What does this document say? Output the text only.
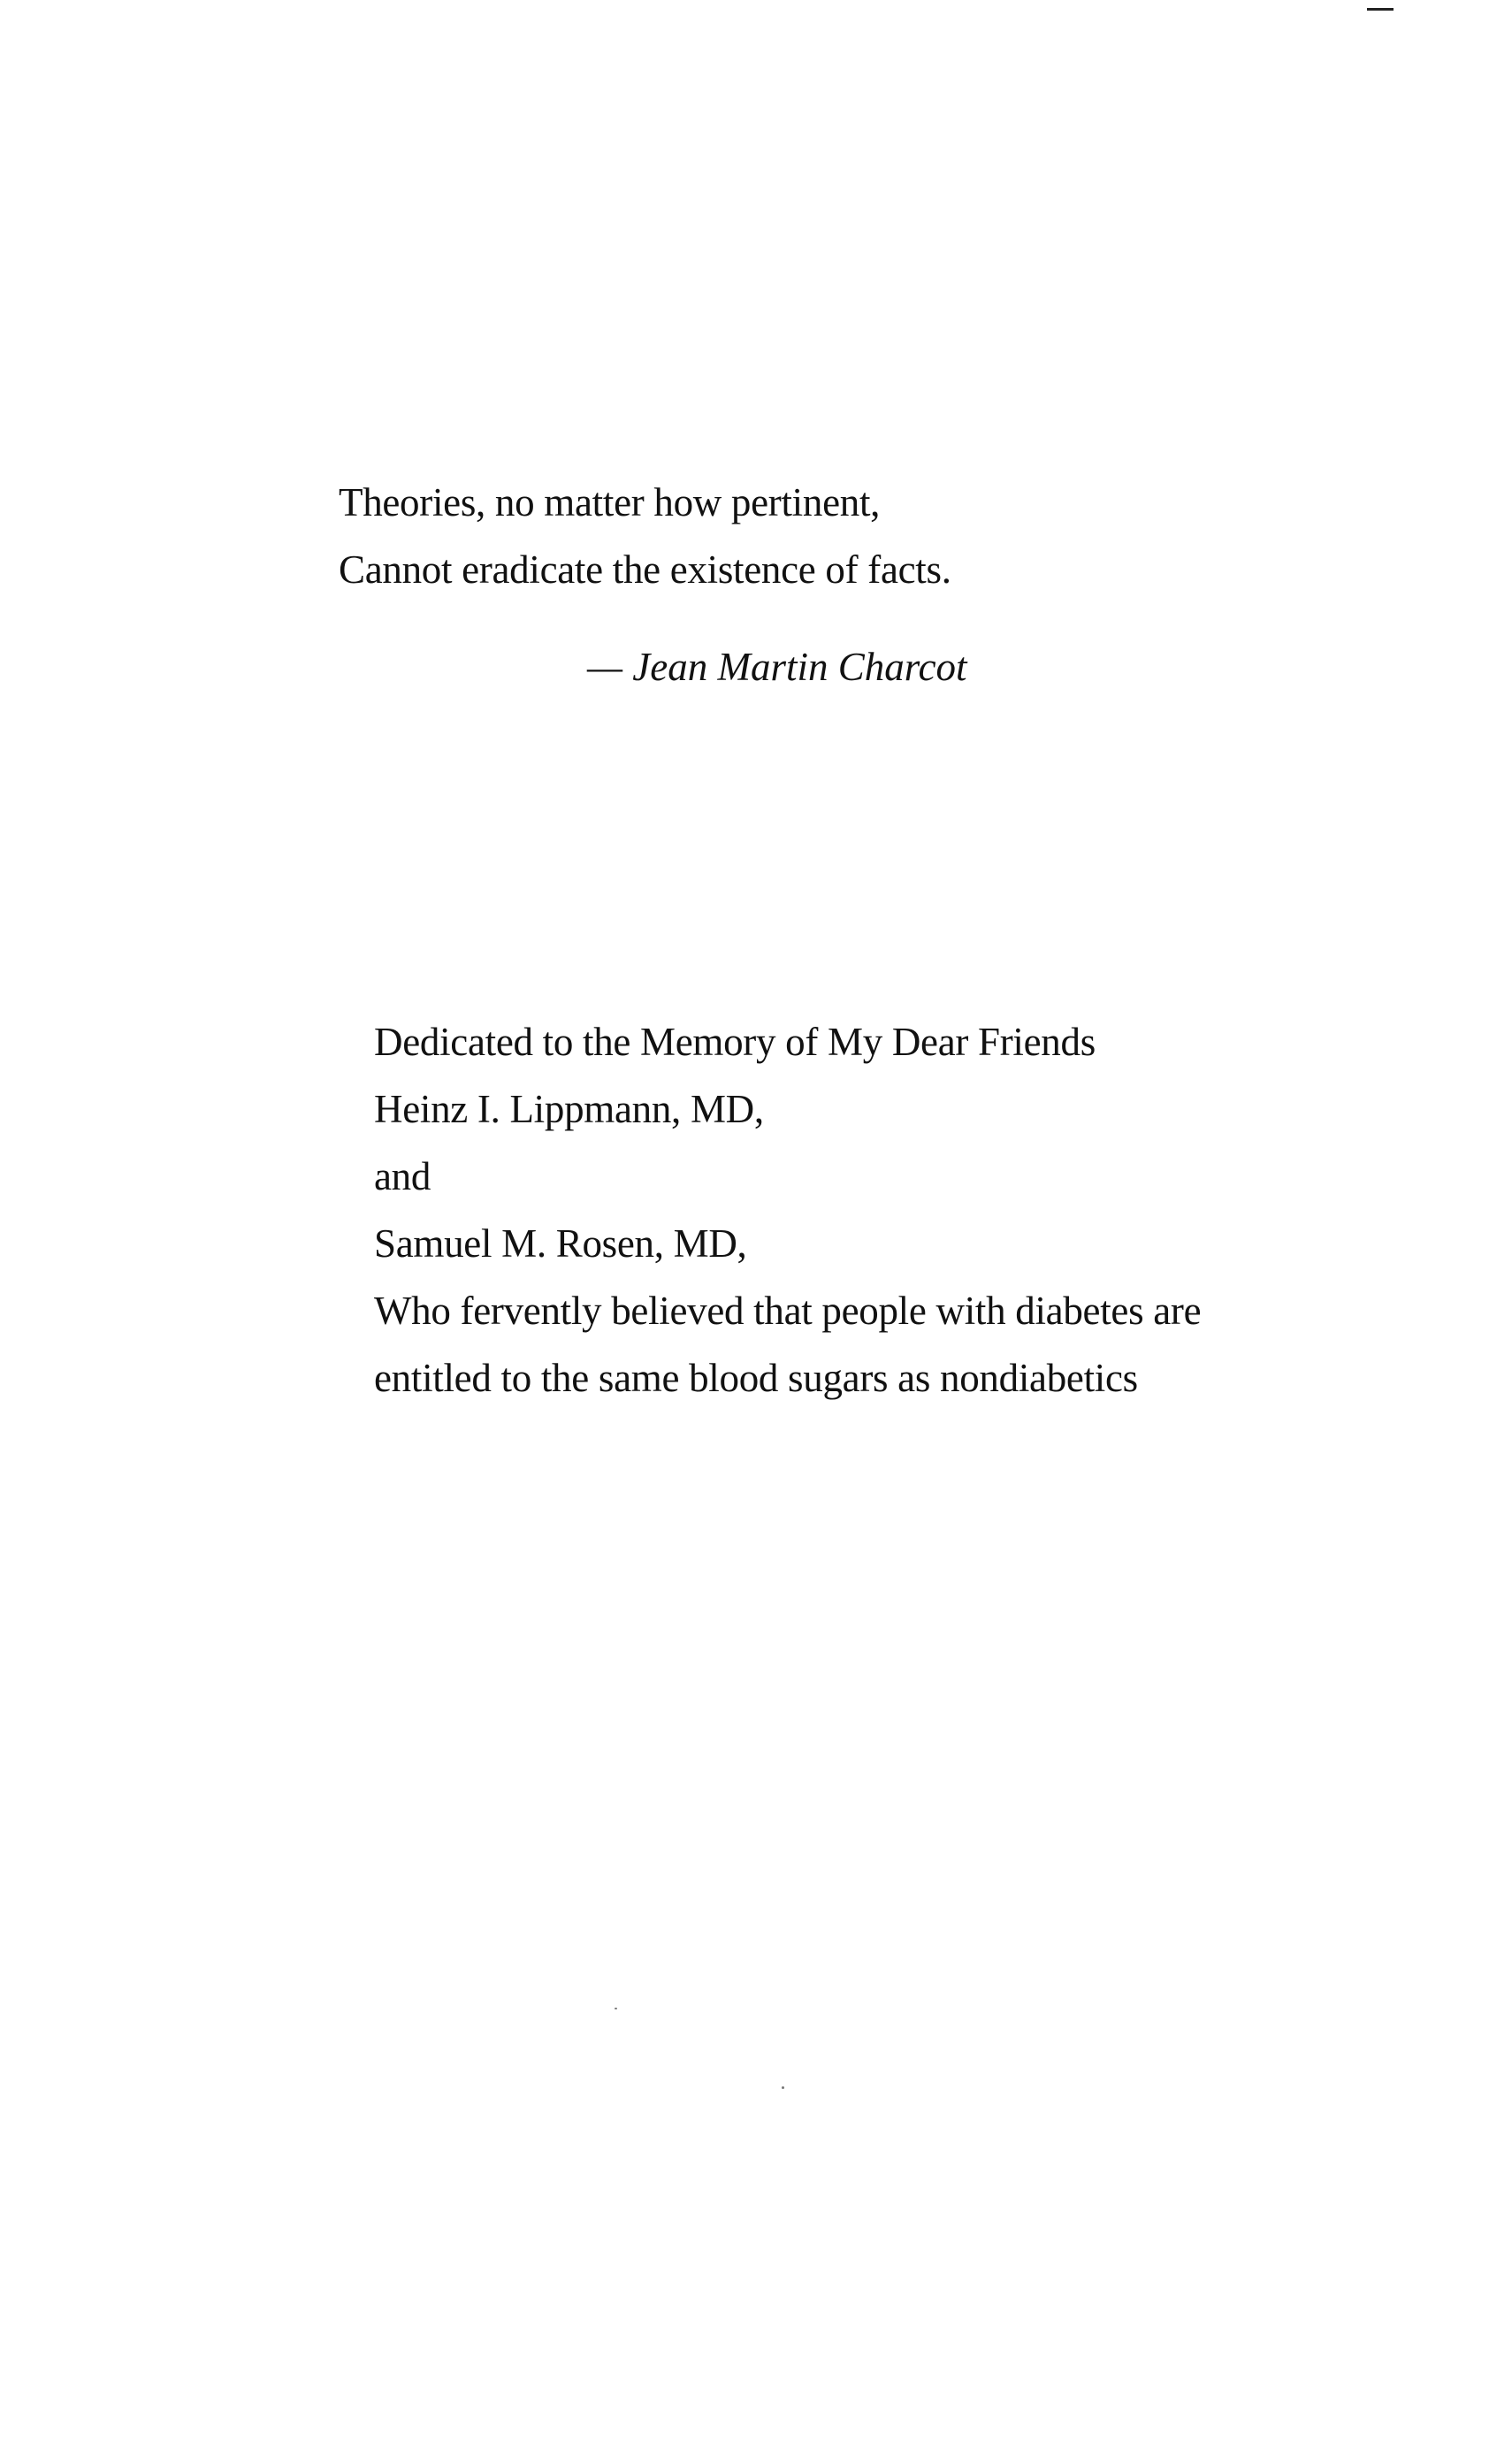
Theories, no matter how pertinent,
Cannot eradicate the existence of facts.
— Jean Martin Charcot
Dedicated to the Memory of My Dear Friends
Heinz I. Lippmann, MD,
and
Samuel M. Rosen, MD,
Who fervently believed that people with diabetes are
entitled to the same blood sugars as nondiabetics
